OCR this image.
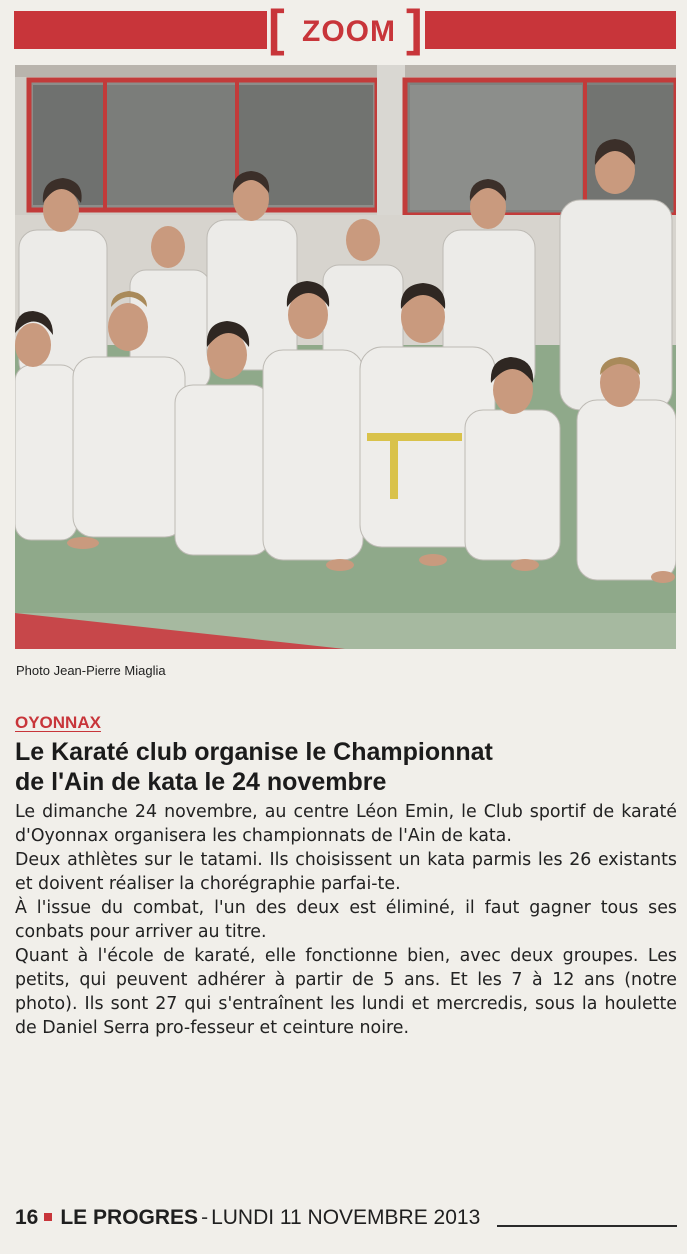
[ ZOOM ]
Photo Jean-Pierre Miaglia
OYONNAX
Le Karaté club organise le Championnat
de l'Ain de kata le 24 novembre

Le dimanche 24 novembre, au centre Léon Emin, le Club sportif de karaté d'Oyonnax organisera les championnats de l'Ain de kata.

Deux athlètes sur le tatami. Ils choisissent un kata parmis les 26 existants et doivent réaliser la chorégraphie parfai-te.

À l'issue du combat, l'un des deux est éliminé, il faut gagner tous ses conbats pour arriver au titre.

Quant à l'école de karaté, elle fonctionne bien, avec deux groupes. Les petits, qui peuvent adhérer à partir de 5 ans. Et les 7 à 12 ans (notre photo). Ils sont 27 qui s'entraînent les lundi et mercredis, sous la houlette de Daniel Serra pro-fesseur et ceinture noire.

16 LE PROGRES - LUNDI 11 NOVEMBRE 2013
